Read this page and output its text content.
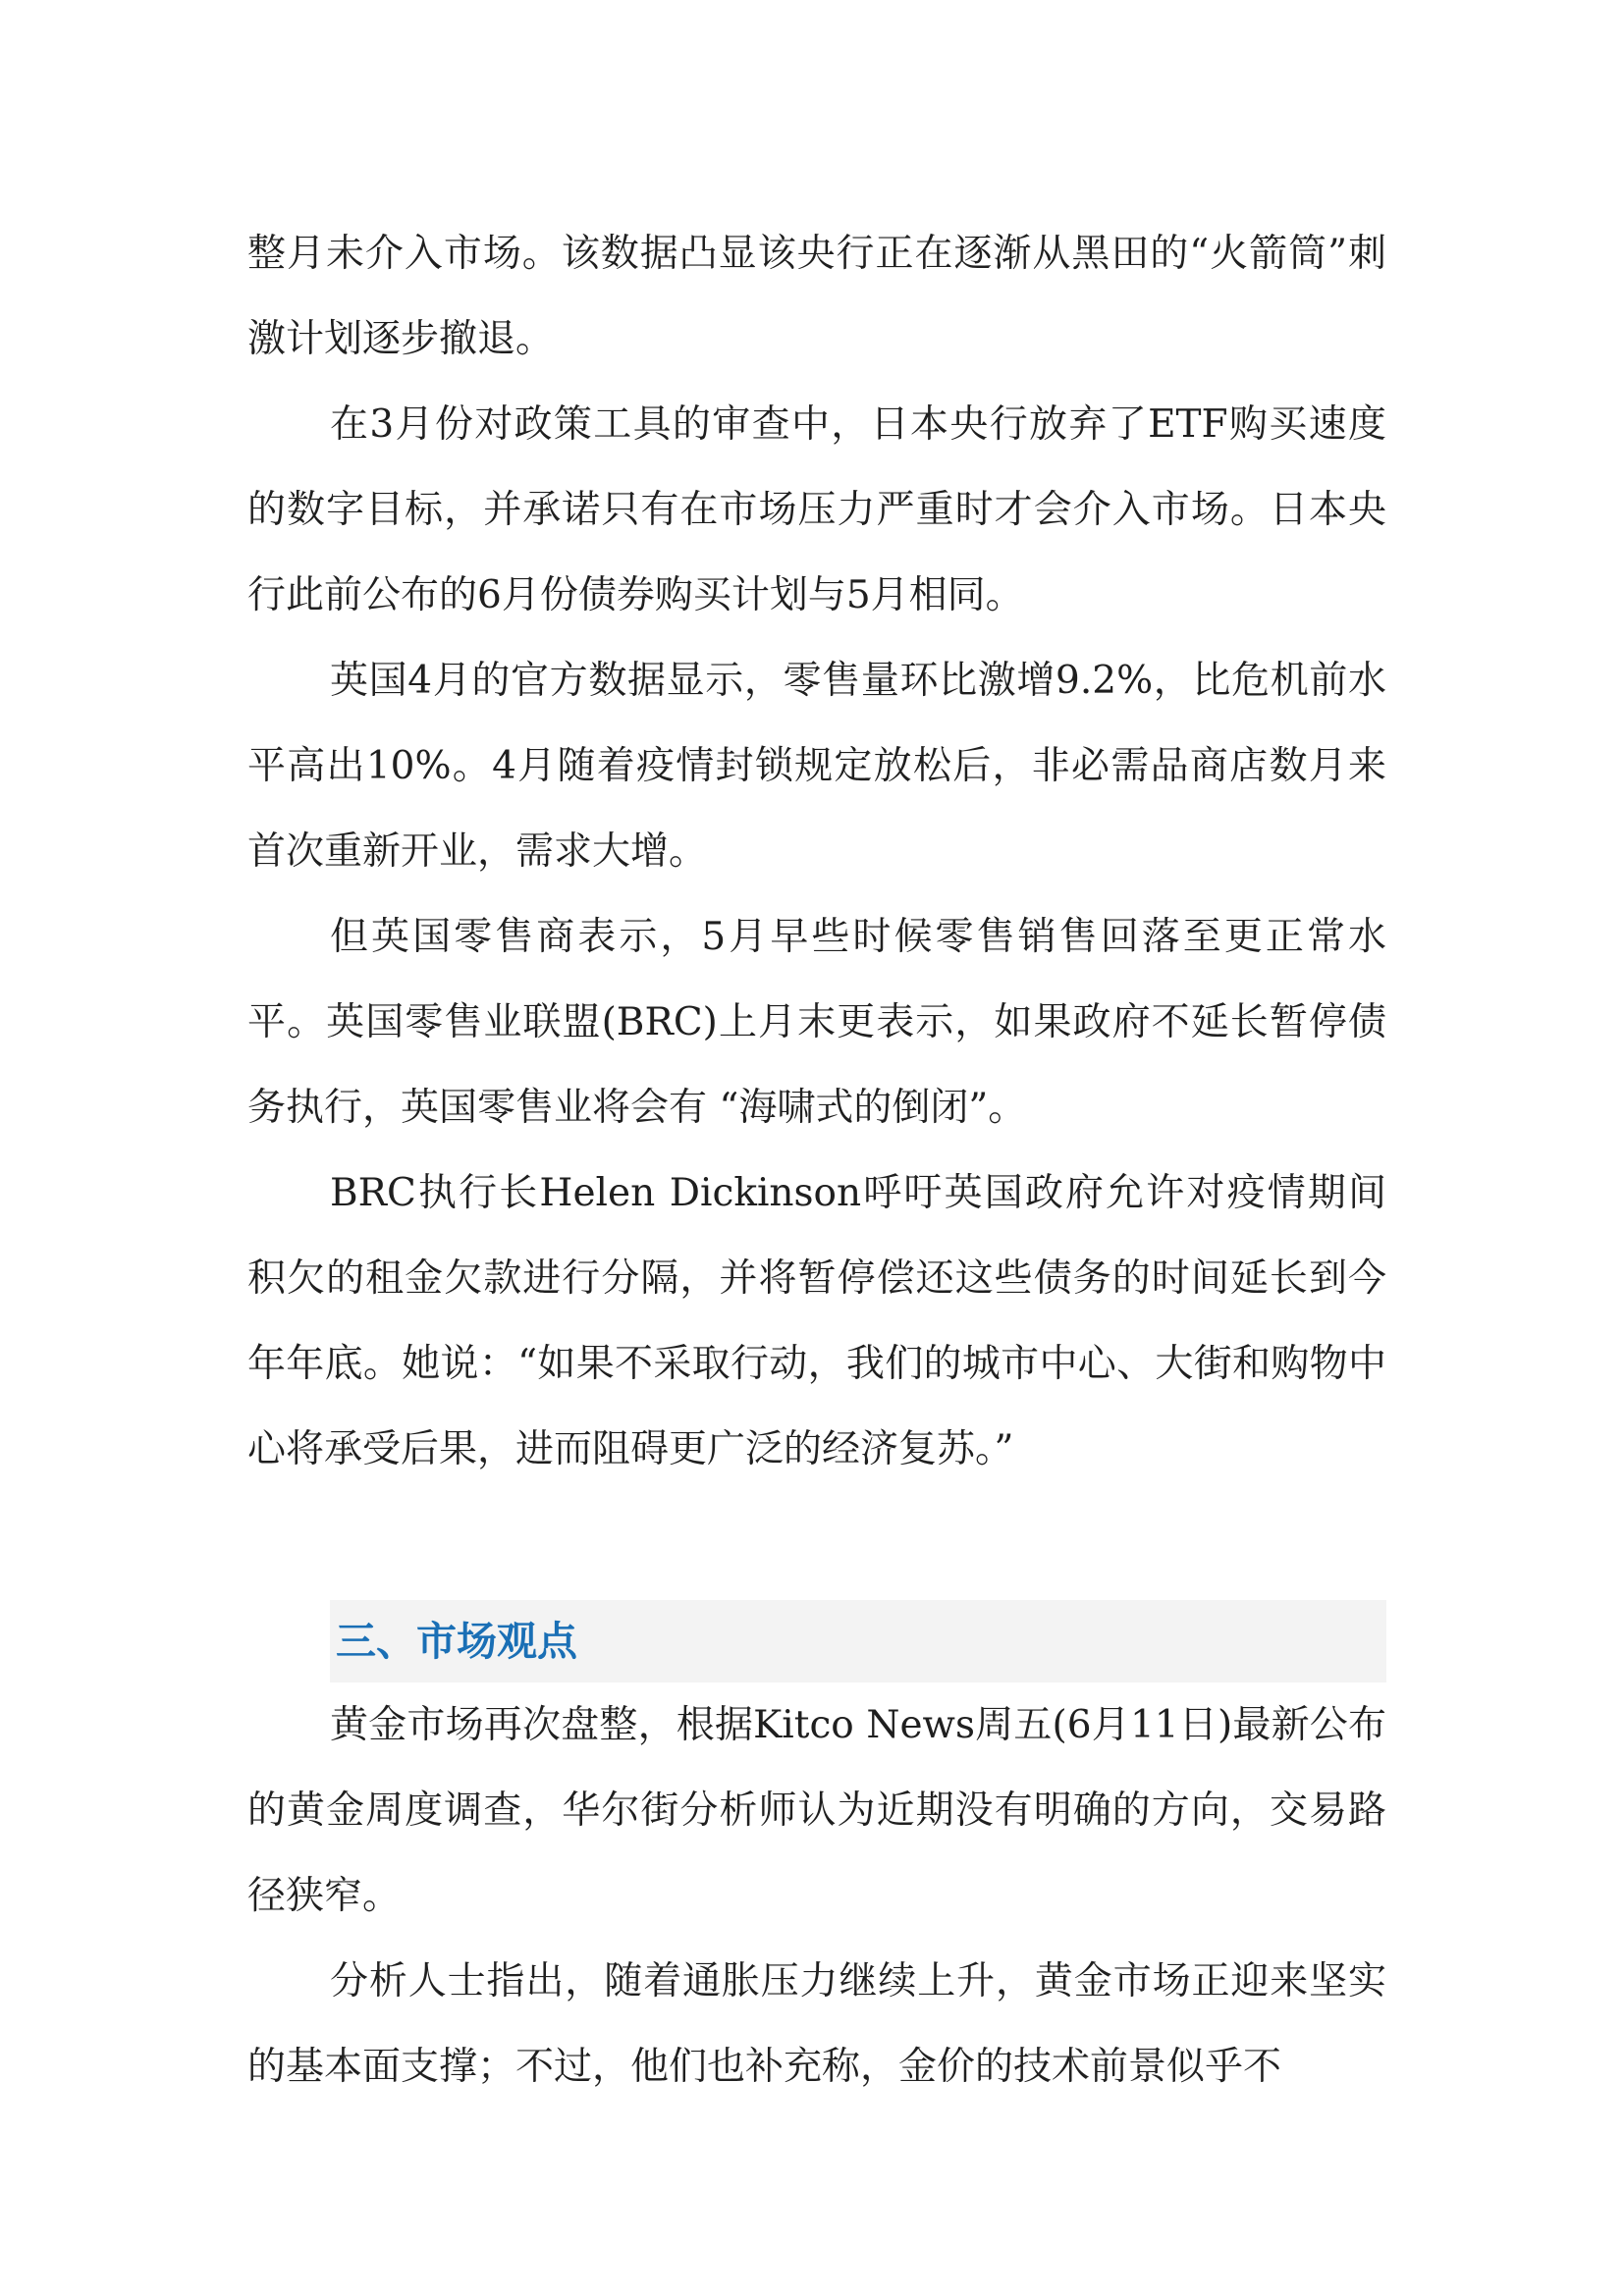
整月未介入市场。该数据凸显该央行正在逐渐从黑田的“火箭筒”刺激计划逐步撤退。

在3月份对政策工具的审查中，日本央行放弃了ETF购买速度的数字目标，并承诺只有在市场压力严重时才会介入市场。日本央行此前公布的6月份债券购买计划与5月相同。

英国4月的官方数据显示，零售量环比激增9.2%，比危机前水平高出10%。4月随着疫情封锁规定放松后，非必需品商店数月来首次重新开业，需求大增。

但英国零售商表示，5月早些时候零售销售回落至更正常水平。英国零售业联盟(BRC)上月末更表示，如果政府不延长暂停债务执行，英国零售业将会有 “海啸式的倒闭”。

BRC执行长Helen Dickinson呼吁英国政府允许对疫情期间积欠的租金欠款进行分隔，并将暂停偿还这些债务的时间延长到今年年底。她说：“如果不采取行动，我们的城市中心、大街和购物中心将承受后果，进而阻碍更广泛的经济复苏。”

三、市场观点

黄金市场再次盘整，根据Kitco News周五(6月11日)最新公布的黄金周度调查，华尔街分析师认为近期没有明确的方向，交易路径狭窄。

分析人士指出，随着通胀压力继续上升，黄金市场正迎来坚实的基本面支撑；不过，他们也补充称，金价的技术前景似乎不
